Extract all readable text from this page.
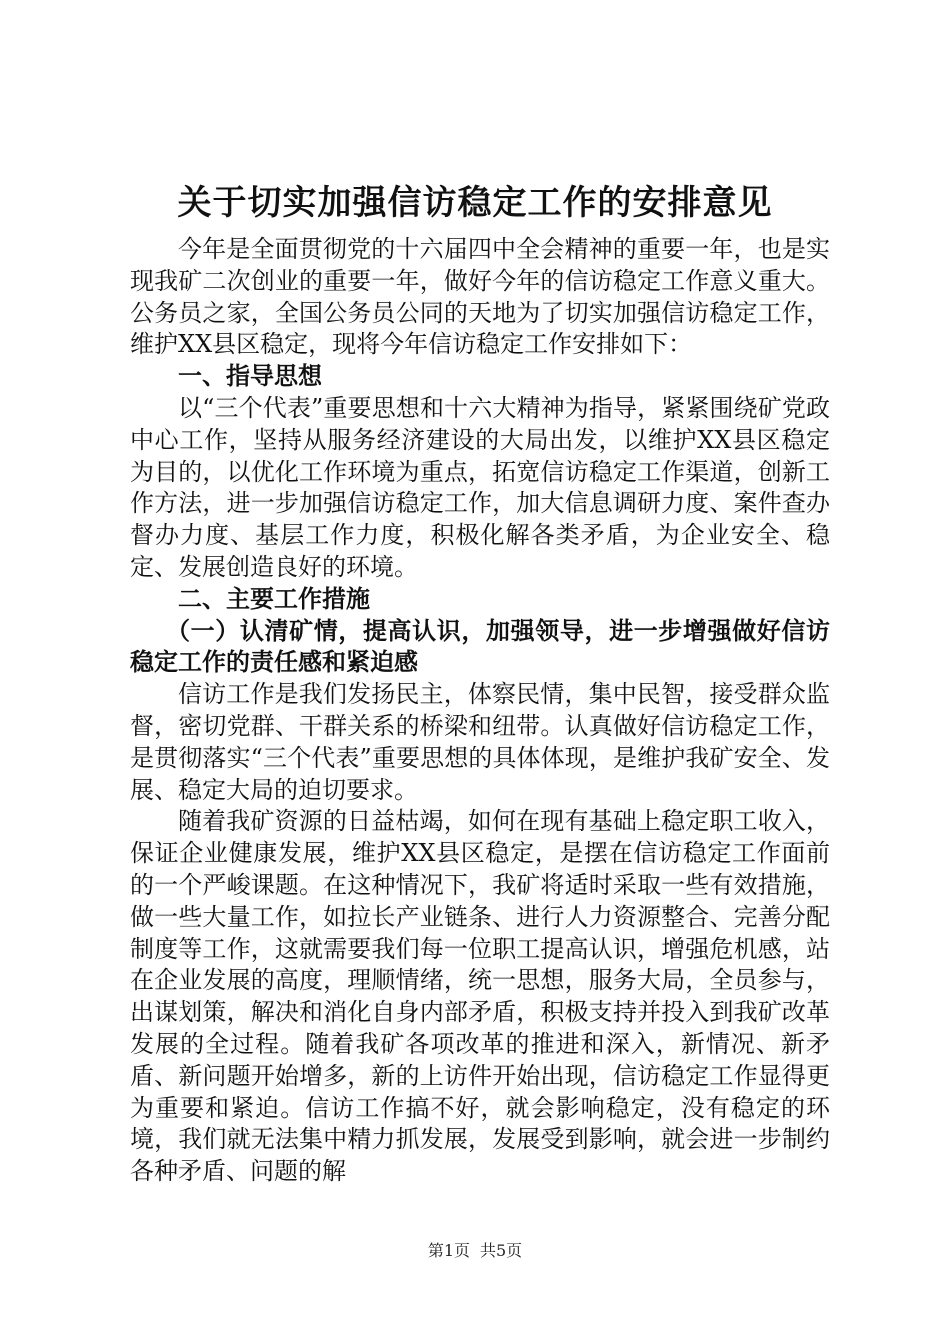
关于切实加强信访稳定工作的安排意见

今年是全面贯彻党的十六届四中全会精神的重要一年，也是实现我矿二次创业的重要一年，做好今年的信访稳定工作意义重大。公务员之家，全国公务员公同的天地为了切实加强信访稳定工作，维护XX县区稳定，现将今年信访稳定工作安排如下：

一、指导思想

以“三个代表”重要思想和十六大精神为指导，紧紧围绕矿党政中心工作，坚持从服务经济建设的大局出发，以维护XX县区稳定为目的，以优化工作环境为重点，拓宽信访稳定工作渠道，创新工作方法，进一步加强信访稳定工作，加大信息调研力度、案件查办督办力度、基层工作力度，积极化解各类矛盾，为企业安全、稳定、发展创造良好的环境。

二、主要工作措施

（一）认清矿情，提高认识，加强领导，进一步增强做好信访稳定工作的责任感和紧迫感

信访工作是我们发扬民主，体察民情，集中民智，接受群众监督，密切党群、干群关系的桥梁和纽带。认真做好信访稳定工作，是贯彻落实“三个代表”重要思想的具体体现，是维护我矿安全、发展、稳定大局的迫切要求。

随着我矿资源的日益枯竭，如何在现有基础上稳定职工收入，保证企业健康发展，维护XX县区稳定，是摆在信访稳定工作面前的一个严峻课题。在这种情况下，我矿将适时采取一些有效措施，做一些大量工作，如拉长产业链条、进行人力资源整合、完善分配制度等工作，这就需要我们每一位职工提高认识，增强危机感，站在企业发展的高度，理顺情绪，统一思想，服务大局，全员参与，出谋划策，解决和消化自身内部矛盾，积极支持并投入到我矿改革发展的全过程。随着我矿各项改革的推进和深入，新情况、新矛盾、新问题开始增多，新的上访件开始出现，信访稳定工作显得更为重要和紧迫。信访工作搞不好，就会影响稳定，没有稳定的环境，我们就无法集中精力抓发展，发展受到影响，就会进一步制约各种矛盾、问题的解

第1页 共5页
